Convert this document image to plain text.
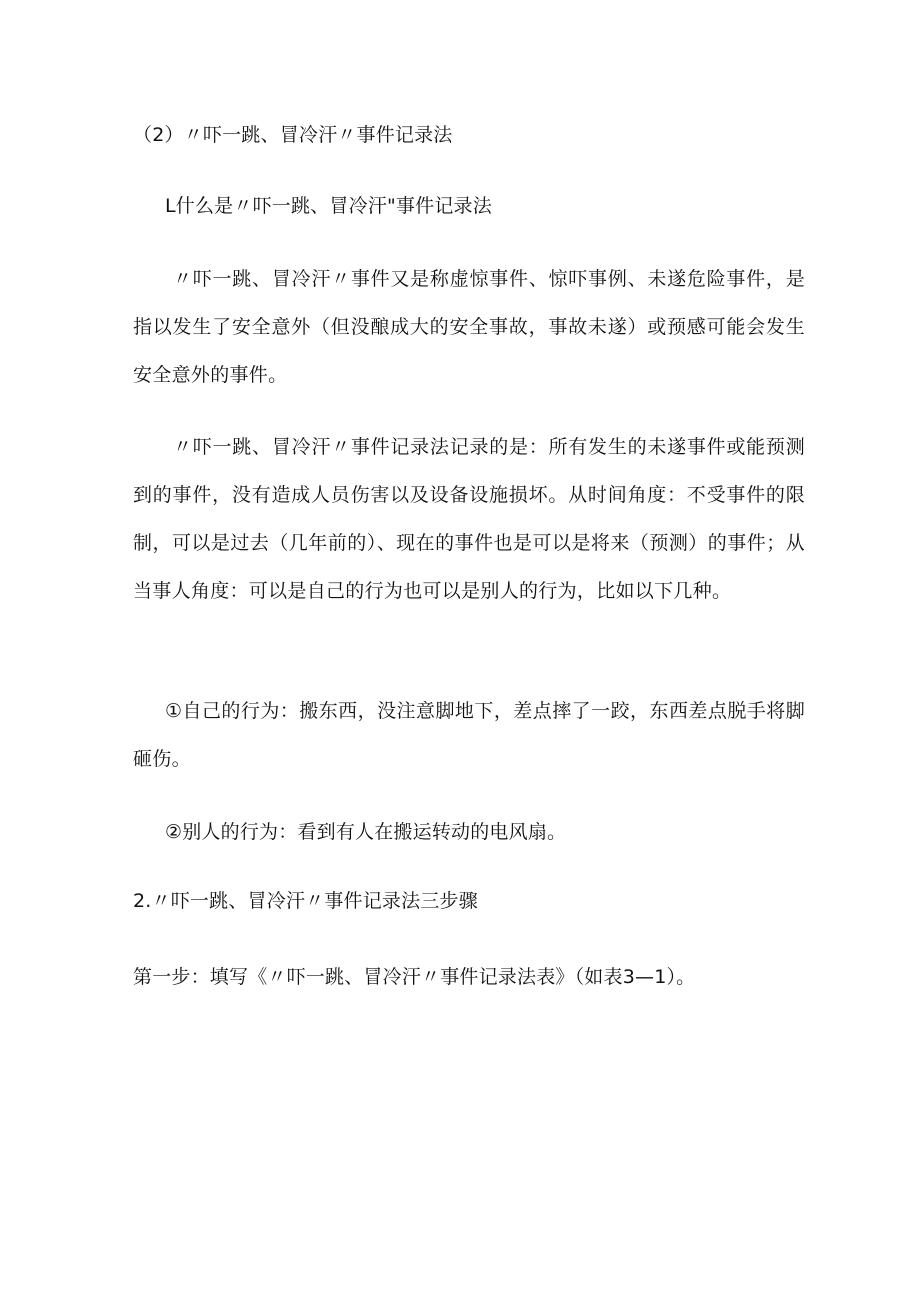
（2）〃吓一跳、冒冷汗〃事件记录法
L什么是〃吓一跳、冒冷汗"事件记录法
〃吓一跳、冒冷汗〃事件又是称虚惊事件、惊吓事例、未遂危险事件，是指以发生了安全意外（但没酿成大的安全事故，事故未遂）或预感可能会发生安全意外的事件。
〃吓一跳、冒冷汗〃事件记录法记录的是：所有发生的未遂事件或能预测到的事件，没有造成人员伤害以及设备设施损坏。从时间角度：不受事件的限制，可以是过去（几年前的）、现在的事件也是可以是将来（预测）的事件；从当事人角度：可以是自己的行为也可以是别人的行为，比如以下几种。
①自己的行为：搬东西，没注意脚地下，差点摔了一跤，东西差点脱手将脚砸伤。
②别人的行为：看到有人在搬运转动的电风扇。
2.〃吓一跳、冒冷汗〃事件记录法三步骤
第一步：填写《〃吓一跳、冒冷汗〃事件记录法表》（如表3—1）。
